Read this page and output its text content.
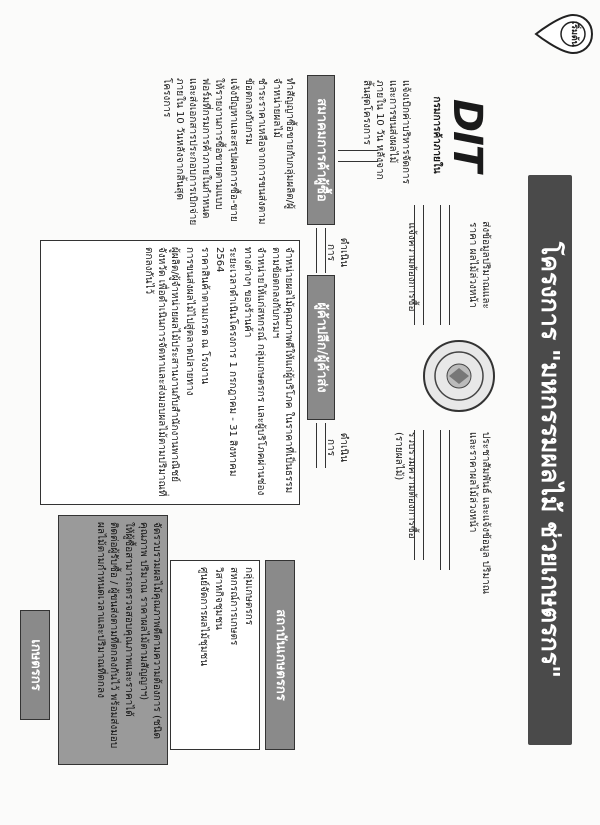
โครงการ "มหกรรมผลไม้ ช่วยเกษตรกร"
เริ่มต้น
DIT
กรมการค้าภายใน
ส่งข้อมูลปริมาณและราคา ผลไม้ล่วงหน้า
ประชาสัมพันธ์ และแจ้งข้อมูล ปริมาณและราคาผลไม้ล่วงหน้า
แจ้งเบิกค่าบริหารจัดการ และการขนส่งผลไม้ ภายใน 10 วัน หลังจากสิ้นสุดโครงการ
แจ้งความต้องการซื้อ
รวบรวมความต้องการซื้อ (รายผลไม้)
สมาคมการค้าผู้ซื้อ
ผู้ค้าปลีก/ผู้ค้าส่ง
สถาบันเกษตรกร
ดำเนินการ
ดำเนินการ
ทำสัญญาซื้อขายกับกลุ่มผลิต/ผู้จำหน่ายผลไม้
ชำระราคาเหลือจากการขนส่งตามข้อตกลงกับกรม
แจ้งปัญหาและสรุปผลการซื้อ-ขาย
ให้รายงานการซื้อขายตามแบบฟอร์มที่กรมการค้าภายในกำหนด และส่งเอกสารประกอบการเบิกจ่ายภายใน 10 วันหลังจากสิ้นสุดโครงการ
จำหน่ายผลไม้คุณภาพดีให้แก่ผู้บริโภค ในราคาที่เป็นธรรม ตามข้อตกลงกับกรมฯ
จำหน่ายให้แก่สหกรณ์ กลุ่มเกษตรกร และผู้บริโภคผ่านช่องทางต่างๆ ของร้านค้า
ระยะเวลาดำเนินโครงการ 1 กรกฎาคม - 31 สิงหาคม 2564
ราคาสินค้าตามเกรด ณ โรงงาน
การขนส่งผลไม้ไปสู่ตลาดปลายทาง
ผู้ผลิต/ผู้จำหน่ายผลไม้ประสานงานกับสำนักงานพาณิชย์จังหวัด เพื่อดำเนินการจัดหาและส่งมอบผลไม้ตามปริมาณที่ตกลงกันไว้
กลุ่มเกษตรกร
สหกรณ์การเกษตร
วิสาหกิจชุมชน
ศูนย์จัดการผลไม้ชุมชน
จัดรวบรวมผลไม้คุณภาพดีตามความต้องการ (ชนิด คุณภาพ ปริมาณ ราคาผลไม้ตามสัญญาฯ)
ให้ผู้ซื้อสามารถตรวจสอบคุณภาพและราคาได้
ติดต่อผู้รับซื้อ / ผู้ขนส่งตามที่ตกลงกันไว้ พร้อมส่งมอบผลไม้ตามกำหนดเวลาและปริมาณที่ตกลง
เกษตรกร
